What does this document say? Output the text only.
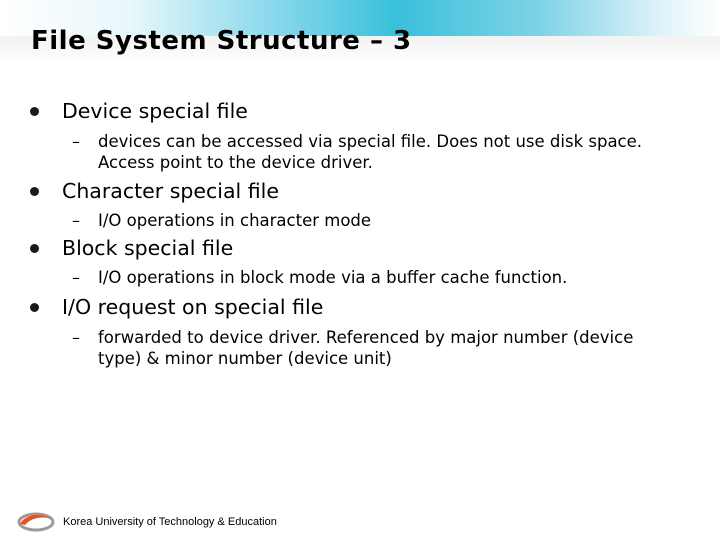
File System Structure – 3
Device special file
–	devices can be accessed via special file. Does not use disk space. Access point to the device driver.
Character special file
–	I/O operations in character mode
Block special file
–	I/O operations in block mode via a buffer cache function.
I/O request on special file
–	forwarded to device driver. Referenced by major number (device type) & minor number (device unit)
Korea University of Technology & Education
